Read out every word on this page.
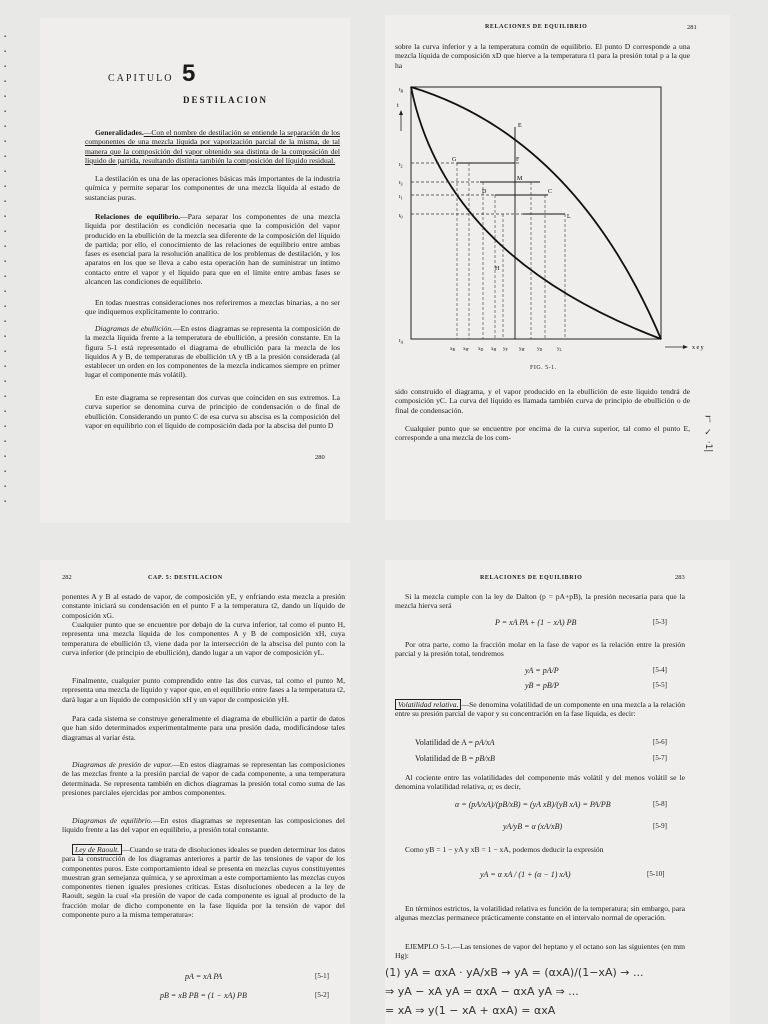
CAPITULO 5
DESTILACION

Generalidades.—Con el nombre de destilación se entiende la separación de los componentes de una mezcla líquida por vaporización parcial de la misma, de tal manera que la composición del vapor obtenido sea distinta de la composición del líquido de partida, resultando distinta también la composición del líquido residual.

La destilación es una de las operaciones básicas más importantes de la industria química y permite separar los componentes de una mezcla líquida al estado de sustancias puras.

Relaciones de equilibrio.—Para separar los componentes de una mezcla líquida por destilación es condición necesaria que la composición del vapor producido en la ebullición de la mezcla sea diferente de la composición del líquido de partida; por ello, el conocimiento de las relaciones de equilibrio entre ambas fases es esencial para la resolución analítica de los problemas de destilación, y los aparatos en los que se lleva a cabo esta operación han de suministrar un íntimo contacto entre el vapor y el líquido para que en el límite entre ambas fases se alcancen las condiciones de equilibrio.

En todas nuestras consideraciones nos referiremos a mezclas binarias, a no ser que indiquemos explícitamente lo contrario.

Diagramas de ebullición.—En estos diagramas se representa la composición de la mezcla líquida frente a la temperatura de ebullición, a presión constante. En la figura 5-1 está representado el diagrama de ebullición para la mezcla de los líquidos A y B, de temperaturas de ebullición tA y tB a la presión considerada (al establecer un orden en los componentes de la mezcla indicamos siempre en primer lugar el componente más volátil).

En este diagrama se representan dos curvas que coinciden en sus extremos. La curva superior se denomina curva de principio de condensación o de final de ebullición. Considerando un punto C de esa curva su abscisa es la composición del vapor en equilibrio con el líquido de composición dada por la abscisa del punto D

280
RELACIONES DE EQUILIBRIO	281

sobre la curva inferior y a la temperatura común de equilibrio. El punto D corresponde a una mezcla líquida de composición xD que hierve a la temperatura t1 para la presión total p a la que ha

E
G	F
M
D	C
L
H
$t_B$
t
$t_2$
$t_3$
$t_1$
$t_0$
$t_A$
$x_B$ $x_{H'}$ $x_D$ $x_H$ $y_F$ $y_{H'}$ $y_D$	$y_L$	x e y
FIG. 5-1.

sido construido el diagrama, y el vapor producido en la ebullición de este líquido tendrá de composición yC. La curva del líquido es llamada también curva de principio de ebullición o de final de condensación.

Cualquier punto que se encuentre por encima de la curva superior, tal como el punto E, corresponde a una mezcla de los com-	ℸ ✓ ·1|
▪
▪
▪
▪
▪
▪
▪
▪
▪
▪
▪
▪
▪
▪
▪
▪
▪
▪
▪
▪
▪
▪
▪
▪
▪
▪
▪
▪
▪
▪
▪
▪
282	CAP. 5: DESTILACION

ponentes A y B al estado de vapor, de composición yE, y enfriando esta mezcla a presión constante iniciará su condensación en el punto F a la temperatura t2, dando un líquido de composición xG.

Cualquier punto que se encuentre por debajo de la curva inferior, tal como el punto H, representa una mezcla líquida de los componentes A y B de composición xH, cuya temperatura de ebullición t3, viene dada por la intersección de la abscisa del punto con la curva inferior (de principio de ebullición), dando lugar a un vapor de composición yL.

Finalmente, cualquier punto comprendido entre las dos curvas, tal como el punto M, representa una mezcla de líquido y vapor que, en el equilibrio entre fases a la temperatura t2, dará lugar a un líquido de composición xH y un vapor de composición yH.

Para cada sistema se construye generalmente el diagrama de ebullición a partir de datos que han sido determinados experimentalmente para una presión dada, modificándose tales diagramas al variar ésta.

Diagramas de presión de vapor.—En estos diagramas se representan las composiciones de las mezclas frente a la presión parcial de vapor de cada componente, a una temperatura determinada. Se representa también en dichos diagramas la presión total como suma de las presiones parciales ejercidas por ambos componentes.

Diagramas de equilibrio.—En estos diagramas se representan las composiciones del líquido frente a las del vapor en equilibrio, a presión total constante.

Ley de Raoult. —Cuando se trata de disoluciones ideales se pueden determinar los datos para la construcción de los diagramas anteriores a partir de las tensiones de vapor de los componentes puros. Este comportamiento ideal se presenta en mezclas cuyos constituyentes muestran gran semejanza química, y se aproximan a este comportamiento las mezclas cuyos componentes tienen iguales presiones críticas. Estas disoluciones obedecen a la ley de Raoult, según la cual «la presión de vapor de cada componente es igual al producto de la fracción molar de dicho componente en la fase líquida por la tensión de vapor del componente puro a la misma temperatura»:

pA = xA PA	[5-1]
pB = xB PB = (1 − xA) PB	[5-2]
RELACIONES DE EQUILIBRIO	283

Si la mezcla cumple con la ley de Dalton (p = pA+pB), la presión necesaria para que la mezcla hierva será

P = xA PA + (1 − xA) PB	[5-3]

Por otra parte, como la fracción molar en la fase de vapor es la relación entre la presión parcial y la presión total, tendremos

yA = pA/P	[5-4]
yB = pB/P	[5-5]

Volatilidad relativa. —Se denomina volatilidad de un componente en una mezcla a la relación entre su presión parcial de vapor y su concentración en la fase líquida, es decir:

Volatilidad de A = pA/xA	[5-6]
Volatilidad de B = pB/xB	[5-7]

Al cociente entre las volatilidades del componente más volátil y del menos volátil se le denomina volatilidad relativa, α; es decir,

α = (pA/xA)/(pB/xB) = (yA xB)/(yB xA) = PA/PB	[5-8]
yA/yB = α (xA/xB)	[5-9]

Como yB = 1 − yA y xB = 1 − xA, podemos deducir la expresión

yA = α xA / (1 + (α − 1) xA)	[5-10]

En términos estrictos, la volatilidad relativa es función de la temperatura; sin embargo, para algunas mezclas permanece prácticamente constante en el intervalo normal de operación.

EJEMPLO 5-1.—Las tensiones de vapor del heptano y el octano son las siguientes (en mm Hg):

(1) yA = αxA · yA/xB → yA = (αxA)/(1−xA) → ...
⇒ yA − xA yA = αxA − αxA yA ⇒ ...
= xA ⇒ y(1 − xA + αxA) = αxA
